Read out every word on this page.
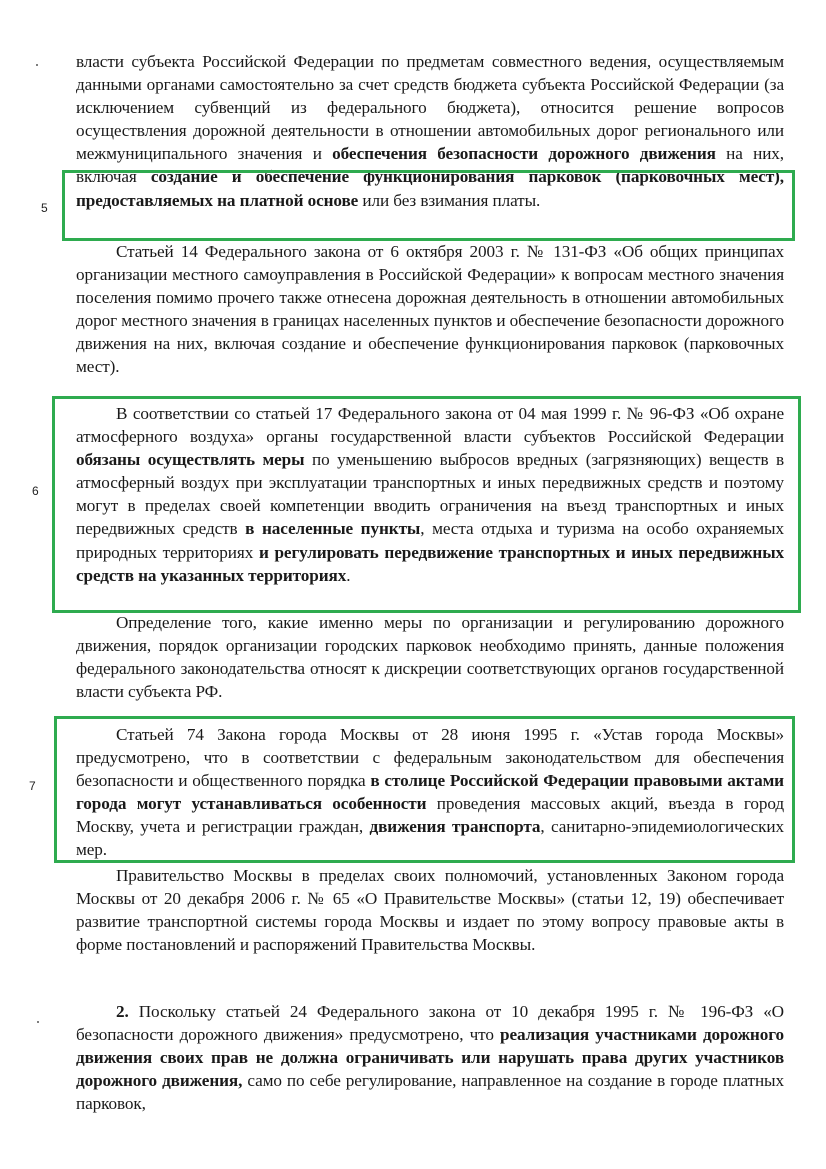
власти субъекта Российской Федерации по предметам совместного ведения, осуществляемым данными органами самостоятельно за счет средств бюджета субъекта Российской Федерации (за исключением субвенций из федерального бюджета), относится решение вопросов осуществления дорожной деятельности в отношении автомобильных дорог регионального или межмуниципального значения и обеспечения безопасности дорожного движения на них, включая создание и обеспечение функционирования парковок (парковочных мест), предоставляемых на платной основе или без взимания платы.

Статьей 14 Федерального закона от 6 октября 2003 г. № 131-ФЗ «Об общих принципах организации местного самоуправления в Российской Федерации» к вопросам местного значения поселения помимо прочего также отнесена дорожная деятельность в отношении автомобильных дорог местного значения в границах населенных пунктов и обеспечение безопасности дорожного движения на них, включая создание и обеспечение функционирования парковок (парковочных мест).

В соответствии со статьей 17 Федерального закона от 04 мая 1999 г. № 96-ФЗ «Об охране атмосферного воздуха» органы государственной власти субъектов Российской Федерации обязаны осуществлять меры по уменьшению выбросов вредных (загрязняющих) веществ в атмосферный воздух при эксплуатации транспортных и иных передвижных средств и поэтому могут в пределах своей компетенции вводить ограничения на въезд транспортных и иных передвижных средств в населенные пункты, места отдыха и туризма на особо охраняемых природных территориях и регулировать передвижение транспортных и иных передвижных средств на указанных территориях.

Определение того, какие именно меры по организации и регулированию дорожного движения, порядок организации городских парковок необходимо принять, данные положения федерального законодательства относят к дискреции соответствующих органов государственной власти субъекта РФ.

Статьей 74 Закона города Москвы от 28 июня 1995 г. «Устав города Москвы» предусмотрено, что в соответствии с федеральным законодательством для обеспечения безопасности и общественного порядка в столице Российской Федерации правовыми актами города могут устанавливаться особенности проведения массовых акций, въезда в город Москву, учета и регистрации граждан, движения транспорта, санитарно-эпидемиологических мер.

Правительство Москвы в пределах своих полномочий, установленных Законом города Москвы от 20 декабря 2006 г. № 65 «О Правительстве Москвы» (статьи 12, 19) обеспечивает развитие транспортной системы города Москвы и издает по этому вопросу правовые акты в форме постановлений и распоряжений Правительства Москвы.

2. Поскольку статьей 24 Федерального закона от 10 декабря 1995 г. № 196-ФЗ «О безопасности дорожного движения» предусмотрено, что реализация участниками дорожного движения своих прав не должна ограничивать или нарушать права других участников дорожного движения, само по себе регулирование, направленное на создание в городе платных парковок,

5
6
7
